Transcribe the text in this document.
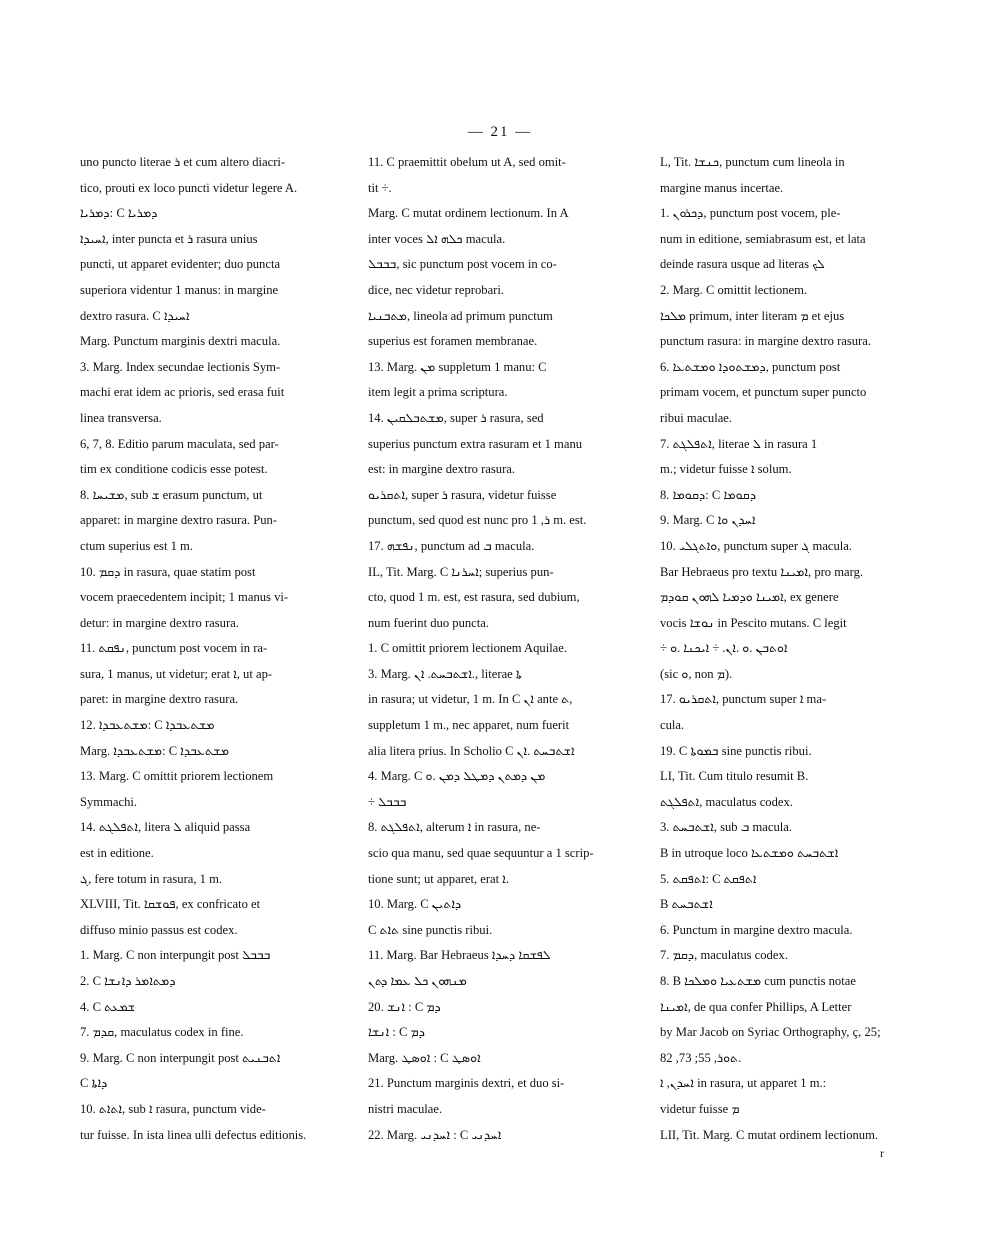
— 21 —
uno puncto literae ܪ et cum altero diacri-
tico, prouti ex loco puncti videtur legere A.
ܕܡܪܝܐ: C ܕܡܪܝܐ
ܐܚܝܕܐ, inter puncta et ܪ rasura unius
puncti, ut apparet evidenter; duo puncta
superiora videntur 1 manus: in margine
dextro rasura. C ܐܚܝܕܐ
Marg. Punctum marginis dextri macula.
3. Marg. Index secundae lectionis Sym-
machi erat idem ac prioris, sed erasa fuit
linea transversa.
6, 7, 8. Editio parum maculata, sed par-
tim ex conditione codicis esse potest.
8. ܡܫܝܚܐ, sub ܫ erasum punctum, ut
apparet: in margine dextro rasura. Pun-
ctum superius est 1 m.
10. ܕܩܡ in rasura, quae statim post
vocem praecedentem incipit; 1 manus vi-
detur: in margine dextro rasura.
11. ܢܦܩܬ, punctum post vocem in ra-
sura, 1 manus, ut videtur; erat ܐ, ut ap-
paret: in margine dextro rasura.
12. ܡܫܬܥܒܕܐ: C ܡܫܬܥܒܕܐ
Marg. ܡܫܬܥܒܕܐ: C ܡܫܬܥܒܕܐ
13. Marg. C omittit priorem lectionem
Symmachi.
14. ܐܬܦܠܓܬ, litera ܠ aliquid passa
est in editione.
ܓ, fere totum in rasura, 1 m.
XLVIII, Tit. ܦܘܫܩܐ, ex confricato et
diffuso minio passus est codex.
1. Marg. C non interpungit post ܒܒܒܠ
2. C ܕܡܬܐܡܪ ܕܐܢܫܐ
4. C ܫܡܥܬ
7. ܩܕܡ, maculatus codex in fine.
9. Marg. C non interpungit post ܐܬܒܢܝܬ
C ܕܐܬܐ
10. ܐܬܐܬ, sub ܐ rasura, punctum vide-
tur fuisse. In ista linea ulli defectus editionis.
11. C praemittit obelum ut A, sed omit-
tit ÷.
Marg. C mutat ordinem lectionum. In A
inter voces ܟܠܗ ܐܠ macula.
ܒܒܒܠ, sic punctum post vocem in co-
dice, nec videtur reprobari.
ܡܬܒܢܝܐ, lineola ad primum punctum
superius est foramen membranae.
13. Marg. ܡܢ suppletum 1 manu: C
item legit a prima scriptura.
14. ܡܫܬܒܠܩܝܢ, super ܪ rasura, sed
superius punctum extra rasuram et 1 manu
est: in margine dextro rasura.
ܐܬܩܪܝܘ, super ܪ rasura, videtur fuisse
punctum, sed quod est nunc pro ܪ, 1 m. est.
17. ܢܦܫܗ, punctum ad ܒ macula.
IL, Tit. Marg. C ܐܚܪܢܐ; superius pun-
cto, quod 1 m. est, est rasura, sed dubium,
num fuerint duo puncta.
1. C omittit priorem lectionem Aquilae.
3. Marg. ܐܫܬܒܚܬ. ܐܢ., literae ܬܐ
in rasura; ut videtur, 1 m. In C ܐܢ ante ܬ,
suppletum 1 m., nec apparet, num fuerit
alia litera prius. In Scholio C ܐܫܬܒܚܬ .ܐܢ
4. Marg. C ܡܢ ܕܡܬܢ ܕܡܛܠ ܕܡܢ .ܘ
÷ ܒܒܒܠ
8. ܐܬܦܠܓܬ, alterum ܐ in rasura, ne-
scio qua manu, sed quae sequuntur a 1 scrip-
tione sunt; ut apparet, erat ܐ.
10. Marg. C ܕܐܬܝܢ
C ܬܐܬ sine punctis ribui.
11. Marg. Bar Hebraeus ܠܦܫܩܐ ܕܚܕܐ
ܡܢܗܘܢ ܟܠ ܥܡܐ ܕܬܢ
20. ܐܢܫ : C ܕܡ
ܐܢܫܐ : C ܕܡ
Marg. ܐܘܣܛ : C ܐܘܣܛ
21. Punctum marginis dextri, et duo si-
nistri maculae.
22. Marg. ܐܚܕܢܝ : C ܐܚܕܢܝ
L, Tit. ܟܢܫܐ, punctum cum lineola in
margine manus incertae.
1. ܕܟܪܘܢ, punctum post vocem, ple-
num in editione, semiabrasum est, et lata
deinde rasura usque ad literas ܠܟ
2. Marg. C omittit lectionem.
ܡܠܟܐ primum, inter literam ܡ et ejus
punctum rasura: in margine dextro rasura.
6. ܕܡܫܬܘܕܐ ܘܡܫܬܥܐ, punctum post
primam vocem, et punctum super puncto
ribui maculae.
7. ܐܬܦܠܓܬ, literae ܠ in rasura 1
m.; videtur fuisse ܐ solum.
8. ܕܩܘܡܐ: C ܕܩܘܡܐ
9. Marg. C ܐܚܕܢ ܘܐ
10. ܘܐܬܓܠܝ, punctum super ܓ macula.
Bar Hebraeus pro textu ܐܡܝܢܐ, pro marg.
ܐܡܝܢܐ ܘܕܡܝܐ ܠܗܘܢ ܩܘܕܡ, ex genere
vocis ܢܘܫܐ in Pescito mutans. C legit
÷ ܐܘܬܒܢ .ܘ .ܐܢ. ÷ ܐܝܟܢܐ .ܘ
(sic ܘ, non ܡ).
17. ܐܬܩܪܝܘ, punctum super ܐ ma-
cula.
19. C ܒܡܘܬܐ sine punctis ribui.
LI, Tit. Cum titulo resumit B.
ܐܬܦܠܓܬ, maculatus codex.
3. ܐܫܬܒܚܬ, sub ܒ macula.
B in utroque loco ܐܫܬܒܚܬ ܘܡܫܬܥܐ
5. ܐܬܦܩܬ: C ܐܬܦܩܬ
B ܐܫܬܒܚܬ
6. Punctum in margine dextro macula.
7. ܕܩܡ, maculatus codex.
8. B ܡܫܬܥܝܐ ܘܡܠܟܐ cum punctis notae
ܐܡܝܢܐ, de qua confer Phillips, A Letter
by Mar Jacob on Syriac Orthography, ç, 25;
ܬܘܪ, 55; 73, 82.
ܐܚܕܢ, ܐ in rasura, ut apparet 1 m.:
videtur fuisse ܡ
LII, Tit. Marg. C mutat ordinem lectionum.
r
